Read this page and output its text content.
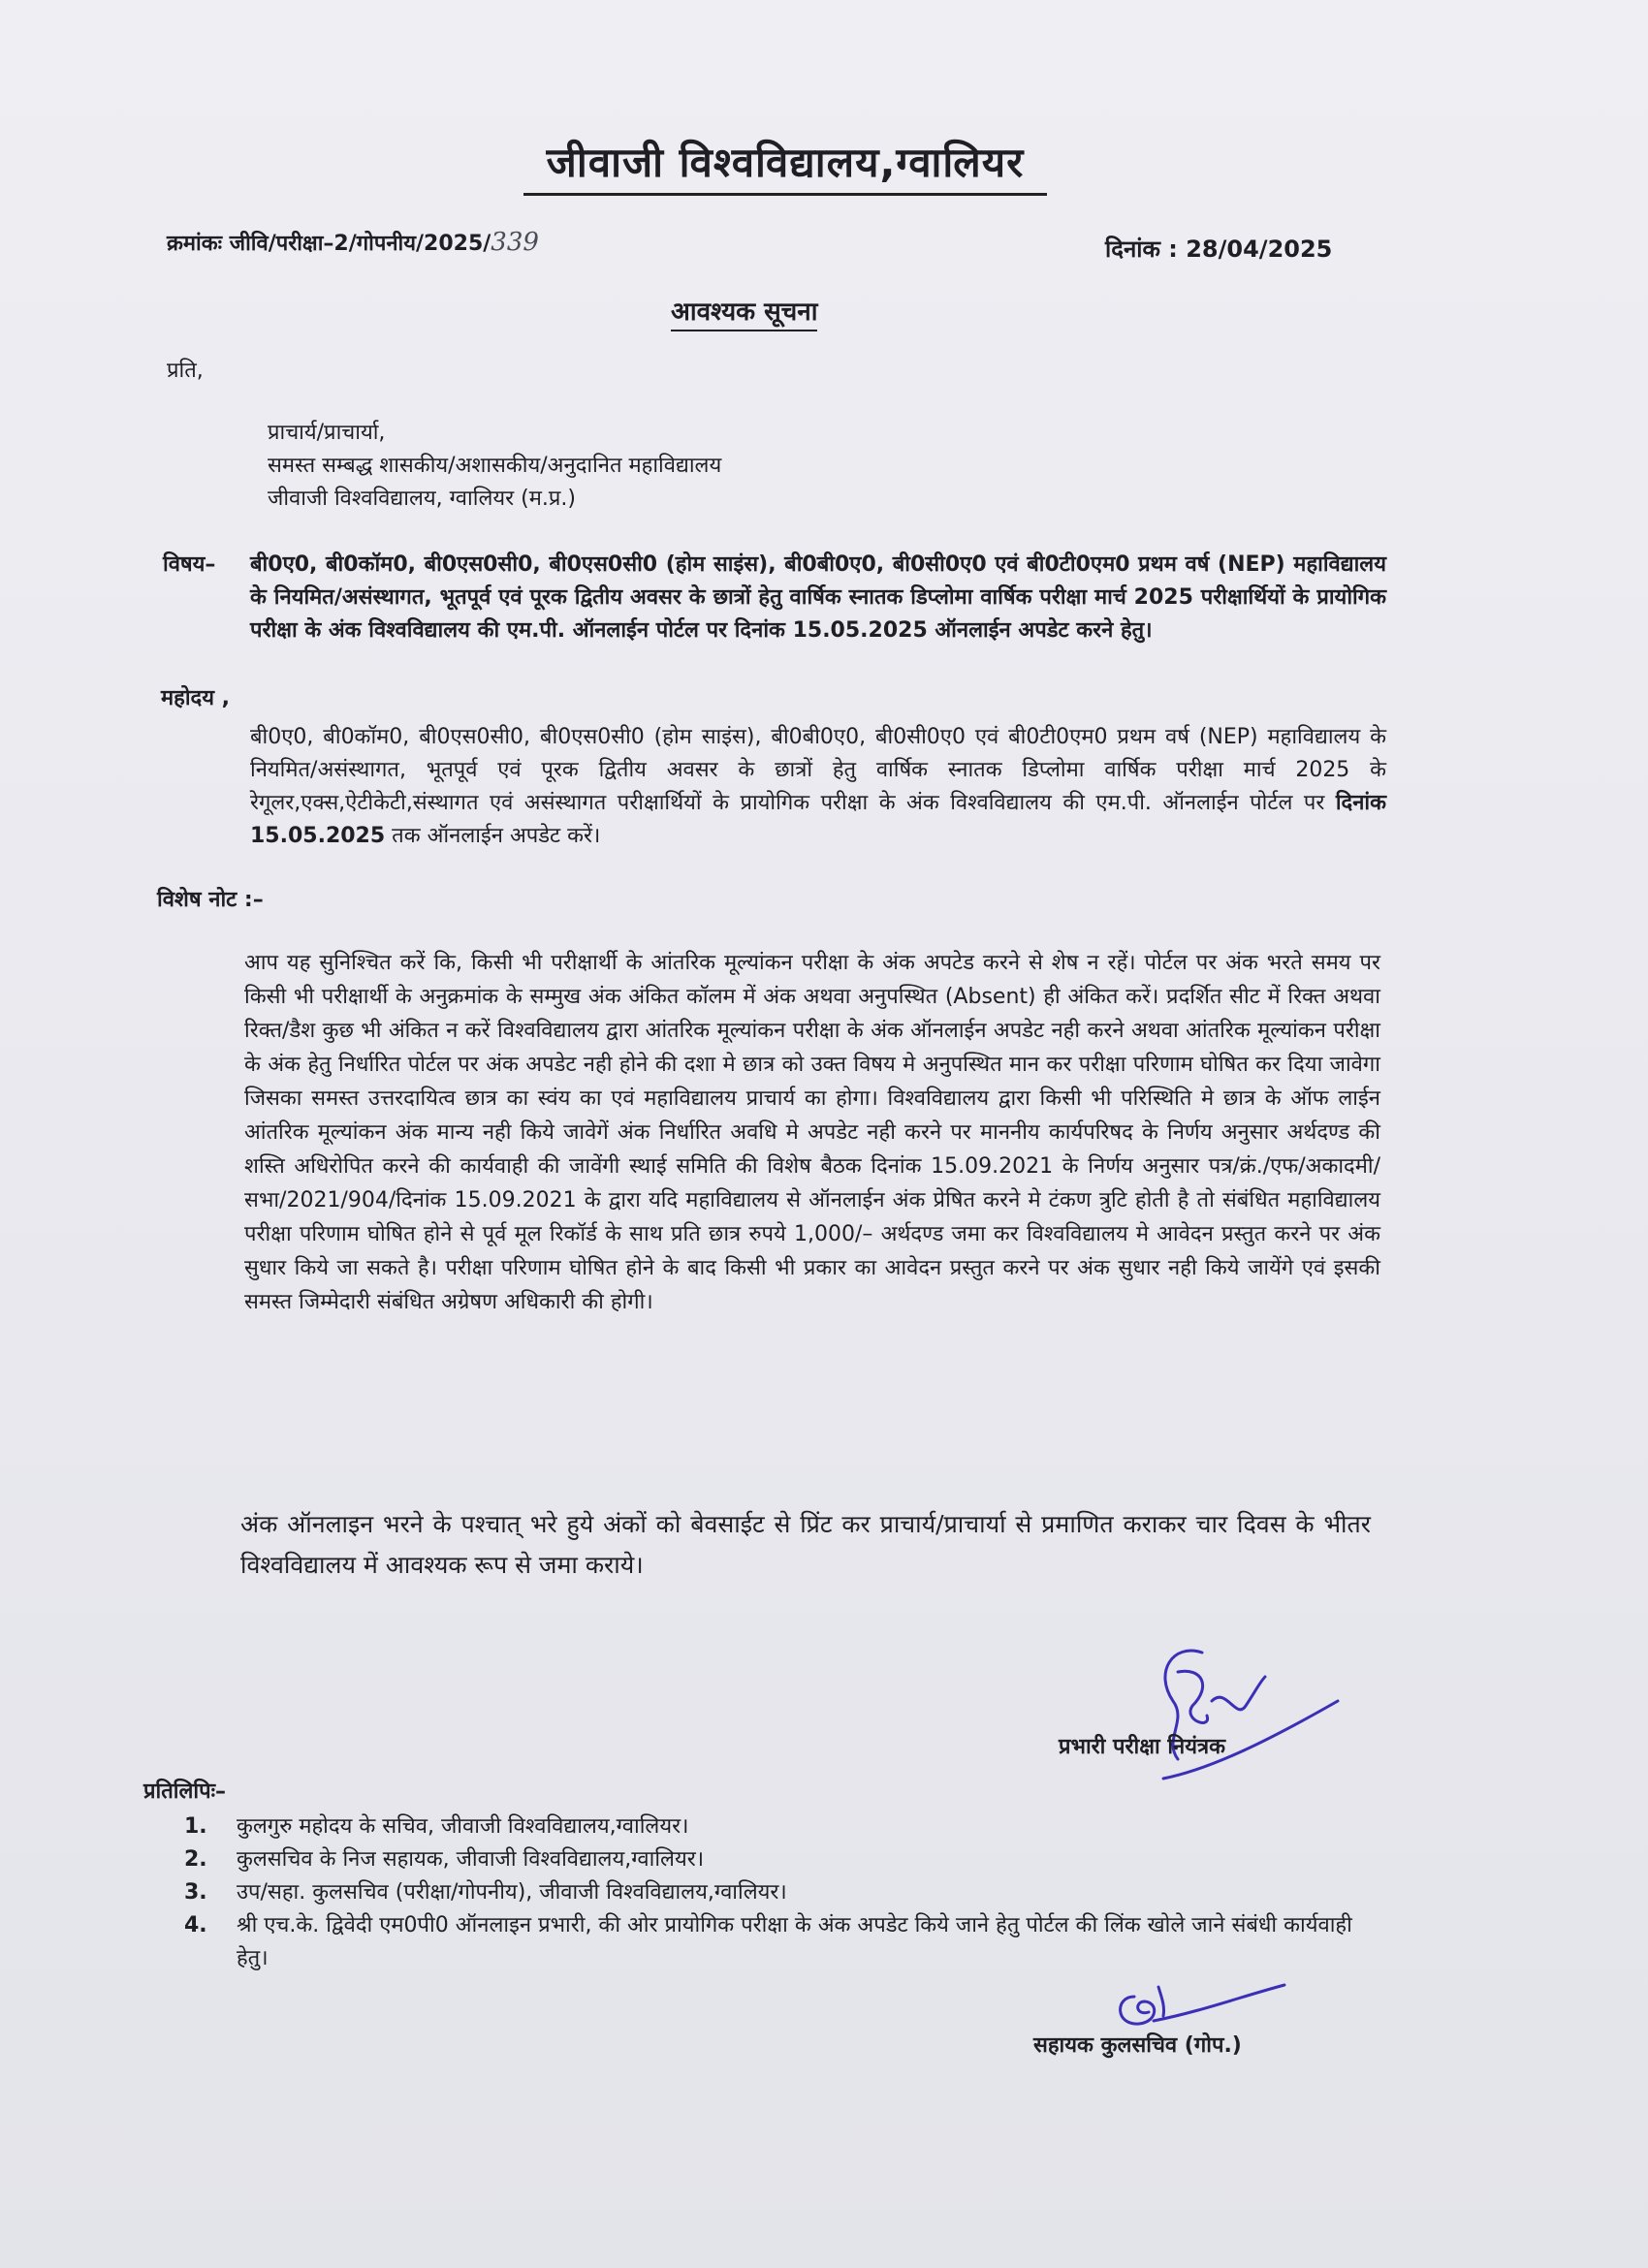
जीवाजी विश्वविद्यालय,ग्वालियर
क्रमांकः जीवि/परीक्षा–2/गोपनीय/2025/339	दिनांक : 28/04/2025
आवश्यक सूचना
प्रति,
प्राचार्य/प्राचार्या,
समस्त सम्बद्ध शासकीय/अशासकीय/अनुदानित महाविद्यालय
जीवाजी विश्वविद्यालय, ग्वालियर (म.प्र.)
विषय– बी0ए0, बी0कॉम0, बी0एस0सी0, बी0एस0सी0 (होम साइंस), बी0बी0ए0, बी0सी0ए0 एवं बी0टी0एम0 प्रथम वर्ष (NEP) महाविद्यालय के नियमित/असंस्थागत, भूतपूर्व एवं पूरक द्वितीय अवसर के छात्रों हेतु वार्षिक स्नातक डिप्लोमा वार्षिक परीक्षा मार्च 2025 परीक्षार्थियों के प्रायोगिक परीक्षा के अंक विश्वविद्यालय की एम.पी. ऑनलाईन पोर्टल पर दिनांक 15.05.2025 ऑनलाईन अपडेट करने हेतु।
महोदय ,
बी0ए0, बी0कॉम0, बी0एस0सी0, बी0एस0सी0 (होम साइंस), बी0बी0ए0, बी0सी0ए0 एवं बी0टी0एम0 प्रथम वर्ष (NEP) महाविद्यालय के नियमित/असंस्थागत, भूतपूर्व एवं पूरक द्वितीय अवसर के छात्रों हेतु वार्षिक स्नातक डिप्लोमा वार्षिक परीक्षा मार्च 2025 के रेगूलर,एक्स,ऐटीकेटी,संस्थागत एवं असंस्थागत परीक्षार्थियों के प्रायोगिक परीक्षा के अंक विश्वविद्यालय की एम.पी. ऑनलाईन पोर्टल पर दिनांक 15.05.2025 तक ऑनलाईन अपडेट करें।
विशेष नोट :–
आप यह सुनिश्चित करें कि, किसी भी परीक्षार्थी के आंतरिक मूल्यांकन परीक्षा के अंक अपटेड करने से शेष न रहें। पोर्टल पर अंक भरते समय पर किसी भी परीक्षार्थी के अनुक्रमांक के सम्मुख अंक अंकित कॉलम में अंक अथवा अनुपस्थित (Absent) ही अंकित करें। प्रदर्शित सीट में रिक्त अथवा रिक्त/डैश कुछ भी अंकित न करें विश्वविद्यालय द्वारा आंतरिक मूल्यांकन परीक्षा के अंक ऑनलाईन अपडेट नही करने अथवा आंतरिक मूल्यांकन परीक्षा के अंक हेतु निर्धारित पोर्टल पर अंक अपडेट नही होने की दशा मे छात्र को उक्त विषय मे अनुपस्थित मान कर परीक्षा परिणाम घोषित कर दिया जावेगा जिसका समस्त उत्तरदायित्व छात्र का स्वंय का एवं महाविद्यालय प्राचार्य का होगा। विश्वविद्यालय द्वारा किसी भी परिस्थिति मे छात्र के ऑफ लाईन आंतरिक मूल्यांकन अंक मान्य नही किये जावेगें अंक निर्धारित अवधि मे अपडेट नही करने पर माननीय कार्यपरिषद के निर्णय अनुसार अर्थदण्ड की शस्ति अधिरोपित करने की कार्यवाही की जावेंगी स्थाई समिति की विशेष बैठक दिनांक 15.09.2021 के निर्णय अनुसार पत्र/क्रं./एफ/अकादमी/सभा/2021/904/दिनांक 15.09.2021 के द्वारा यदि महाविद्यालय से ऑनलाईन अंक प्रेषित करने मे टंकण त्रुटि होती है तो संबंधित महाविद्यालय परीक्षा परिणाम घोषित होने से पूर्व मूल रिकॉर्ड के साथ प्रति छात्र रुपये 1,000/– अर्थदण्ड जमा कर विश्वविद्यालय मे आवेदन प्रस्तुत करने पर अंक सुधार किये जा सकते है। परीक्षा परिणाम घोषित होने के बाद किसी भी प्रकार का आवेदन प्रस्तुत करने पर अंक सुधार नही किये जायेंगे एवं इसकी समस्त जिम्मेदारी संबंधित अग्रेषण अधिकारी की होगी।
अंक ऑनलाइन भरने के पश्चात् भरे हुये अंकों को बेवसाईट से प्रिंट कर प्राचार्य/प्राचार्या से प्रमाणित कराकर चार दिवस के भीतर विश्वविद्यालय में आवश्यक रूप से जमा कराये।
प्रभारी परीक्षा नियंत्रक
प्रतिलिपिः–
1.	कुलगुरु महोदय के सचिव, जीवाजी विश्वविद्यालय,ग्वालियर।
2.	कुलसचिव के निज सहायक, जीवाजी विश्वविद्यालय,ग्वालियर।
3.	उप/सहा. कुलसचिव (परीक्षा/गोपनीय), जीवाजी विश्वविद्यालय,ग्वालियर।
4.	श्री एच.के. द्विवेदी एम0पी0 ऑनलाइन प्रभारी, की ओर प्रायोगिक परीक्षा के अंक अपडेट किये जाने हेतु पोर्टल की लिंक खोले जाने संबंधी कार्यवाही हेतु।
सहायक कुलसचिव (गोप.)
